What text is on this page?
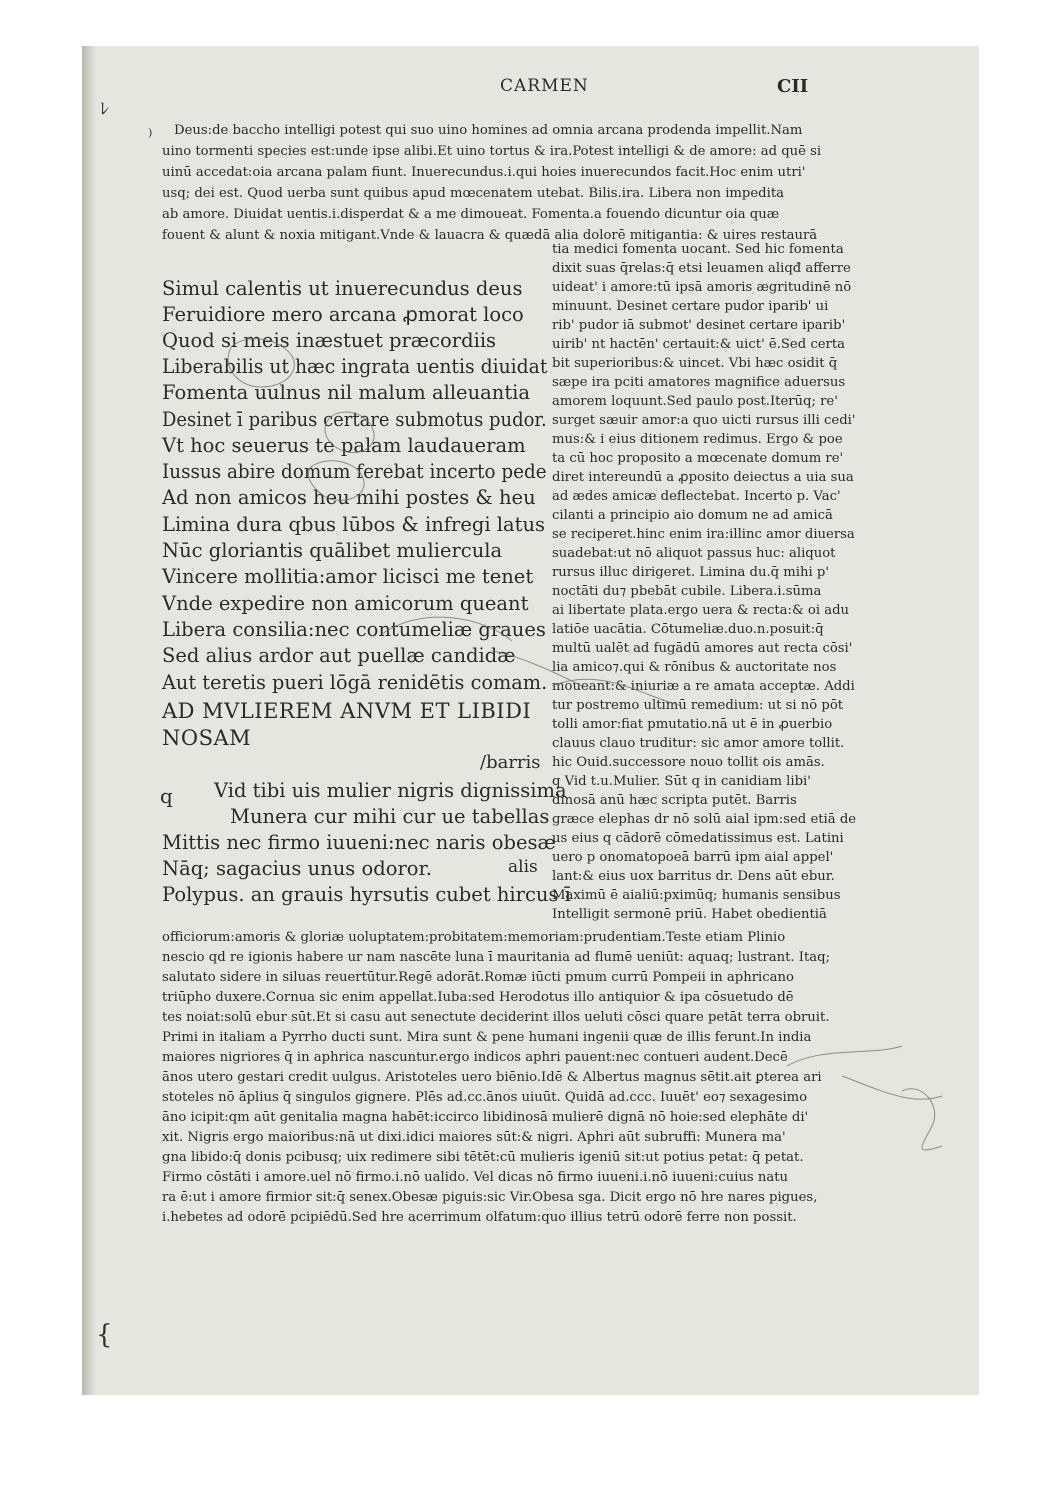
CARMEN	CII
Deus:de baccho intelligi potest qui suo uino homines ad omnia arcana prodenda impellit.Nam
uino tormenti species est:unde ipse alibi.Et uino tortus & ira.Potest intelligi & de amore: ad quē si
uinū accedat:oia arcana palam fiunt. Inuerecundus.i.qui hoies inuerecundos facit.Hoc enim utri'
usq; dei est. Quod uerba sunt quibus apud mœcenatem utebat. Bilis.ira. Libera non impedita
ab amore. Diuidat uentis.i.disperdat & a me dimoueat. Fomenta.a fouendo dicuntur oia quæ
fouent & alunt & noxia mitigant.Vnde & lauacra & quædā alia dolorē mitigantia: & uires restaurā
Simul calentis ut inuerecundus deus
Feruidiore mero arcana ꝓmorat loco
Quod si meis inæstuet præcordiis
Liberabilis ut hæc ingrata uentis diuidat
Fomenta uulnus nil malum alleuantia
Desinet ī paribus certare submotus pudor.
Vt hoc seuerus te palam laudaueram
Iussus abire domum ferebat incerto pede
Ad non amicos heu mihi postes & heu
Limina dura qbus lūbos & infregi latus
Nūc gloriantis quālibet muliercula
Vincere mollitia:amor licisci me tenet
Vnde expedire non amicorum queant
Libera consilia:nec contumeliæ graues
Sed alius ardor aut puellæ candidæ
Aut teretis pueri lōgā renidētis comam.
AD MVLIEREM ANVM ET LIBIDI
NOSAM
/barris
q Vid tibi uis mulier nigris dignissima
Munera cur mihi cur ue tabellas
Mittis nec firmo iuueni:nec naris obesæ
Nāq; sagacius unus odoror.	alis
Polypus. an grauis hyrsutis cubet hircus ī
tia medici fomenta uocant. Sed hic fomenta
dixit suas q̄relas:q̄ etsi leuamen aliqđ afferre
uideat' i amore:tū ipsā amoris ægritudinē nō
minuunt. Desinet certare pudor iparib' ui
rib' pudor iā submot' desinet certare iparib'
uirib' nt hactēn' certauit:& uict' ē.Sed certa
bit superioribus:& uincet. Vbi hæc osidit q̄
sæpe ira pciti amatores magnifice aduersus
amorem loquunt.Sed paulo post.Iterūq; re'
surget sæuir amor:a quo uicti rursus illi cedi'
mus:& i eius ditionem redimus. Ergo & poe
ta cū hoc proposito a mœcenate domum re'
diret intereundū a ꝓposito deiectus a uia sua
ad ædes amicæ deflectebat. Incerto p. Vac'
cilanti a principio aio domum ne ad amicā
se reciperet.hinc enim ira:illinc amor diuersa
suadebat:ut nō aliquot passus huc: aliquot
rursus illuc dirigeret. Limina du.q̄ mihi p'
noctāti du⁊ pbebāt cubile. Libera.i.sūma
ai libertate plata.ergo uera & recta:& oi adu
latiōe uacātia. Cōtumeliæ.duo.n.posuit:q̄
multū ualēt ad fugādū amores aut recta cōsi'
lia amico⁊.qui & rōnibus & auctoritate nos
moueant:& iniuriæ a re amata acceptæ. Addi
tur postremo ultimū remedium: ut si nō pōt
tolli amor:fiat pmutatio.nā ut ē in ꝓuerbio
clauus clauo truditur: sic amor amore tollit.
hic Ouid.successore nouo tollit ois amās.
q Vid t.u.Mulier. Sūt q in canidiam libi'
dinosā anū hæc scripta putēt. Barris
græce elephas dr nō solū aial ipm:sed etiā de
us eius q cādorē cōmedatissimus est. Latini
uero p onomatopoeā barrū ipm aial appel'
lant:& eius uox barritus dr. Dens aūt ebur.
Maximū ē aialiū:pximūq; humanis sensibus
Intelligit sermonē priū. Habet obedientiā
officiorum:amoris & gloriæ uoluptatem:probitatem:memoriam:prudentiam.Teste etiam Plinio
nescio qd re igionis habere ur nam nascēte luna ī mauritania ad flumē ueniūt: aquaq; lustrant. Itaq;
salutato sidere in siluas reuertūtur.Regē adorāt.Romæ iūcti pmum currū Pompeii in aphricano
triūpho duxere.Cornua sic enim appellat.Iuba:sed Herodotus illo antiquior & ipa cōsuetudo dē
tes noiat:solū ebur sūt.Et si casu aut senectute deciderint illos ueluti cōsci quare petāt terra obruit.
Primi in italiam a Pyrrho ducti sunt. Mira sunt & pene humani ingenii quæ de illis ferunt.In india
maiores nigriores q̄ in aphrica nascuntur.ergo indicos aphri pauent:nec contueri audent.Decē
ānos utero gestari credit uulgus. Aristoteles uero biēnio.Idē & Albertus magnus sētit.ait ꝑterea ari
stoteles nō āplius q̄ singulos gignere. Plēs ad.cc.ānos uiuūt. Quidā ad.ccc. Iuuēt' eo⁊ sexagesimo
āno icipit:qm aūt genitalia magna habēt:iccirco libidinosā mulierē dignā nō hoie:sed elephāte di'
xit. Nigris ergo maioribus:nā ut dixi.idici maiores sūt:& nigri. Aphri aūt subruffi: Munera ma'
gna libido:q̄ donis pcibusq; uix redimere sibi tētēt:cū mulieris igeniū sit:ut potius petat: q̄ petat.
Firmo cōstāti i amore.uel nō firmo.i.nō ualido. Vel dicas nō firmo iuueni.i.nō iuueni:cuius natu
ra ē:ut i amore firmior sit:q̄ senex.Obesæ piguis:sic Vir.Obesa sga. Dicit ergo nō hre nares pigues,
i.hebetes ad odorē pcipiēdū.Sed hre acerrimum olfatum:quo illius tetrū odorē ferre non possit.
⁾
ﾚ
{
